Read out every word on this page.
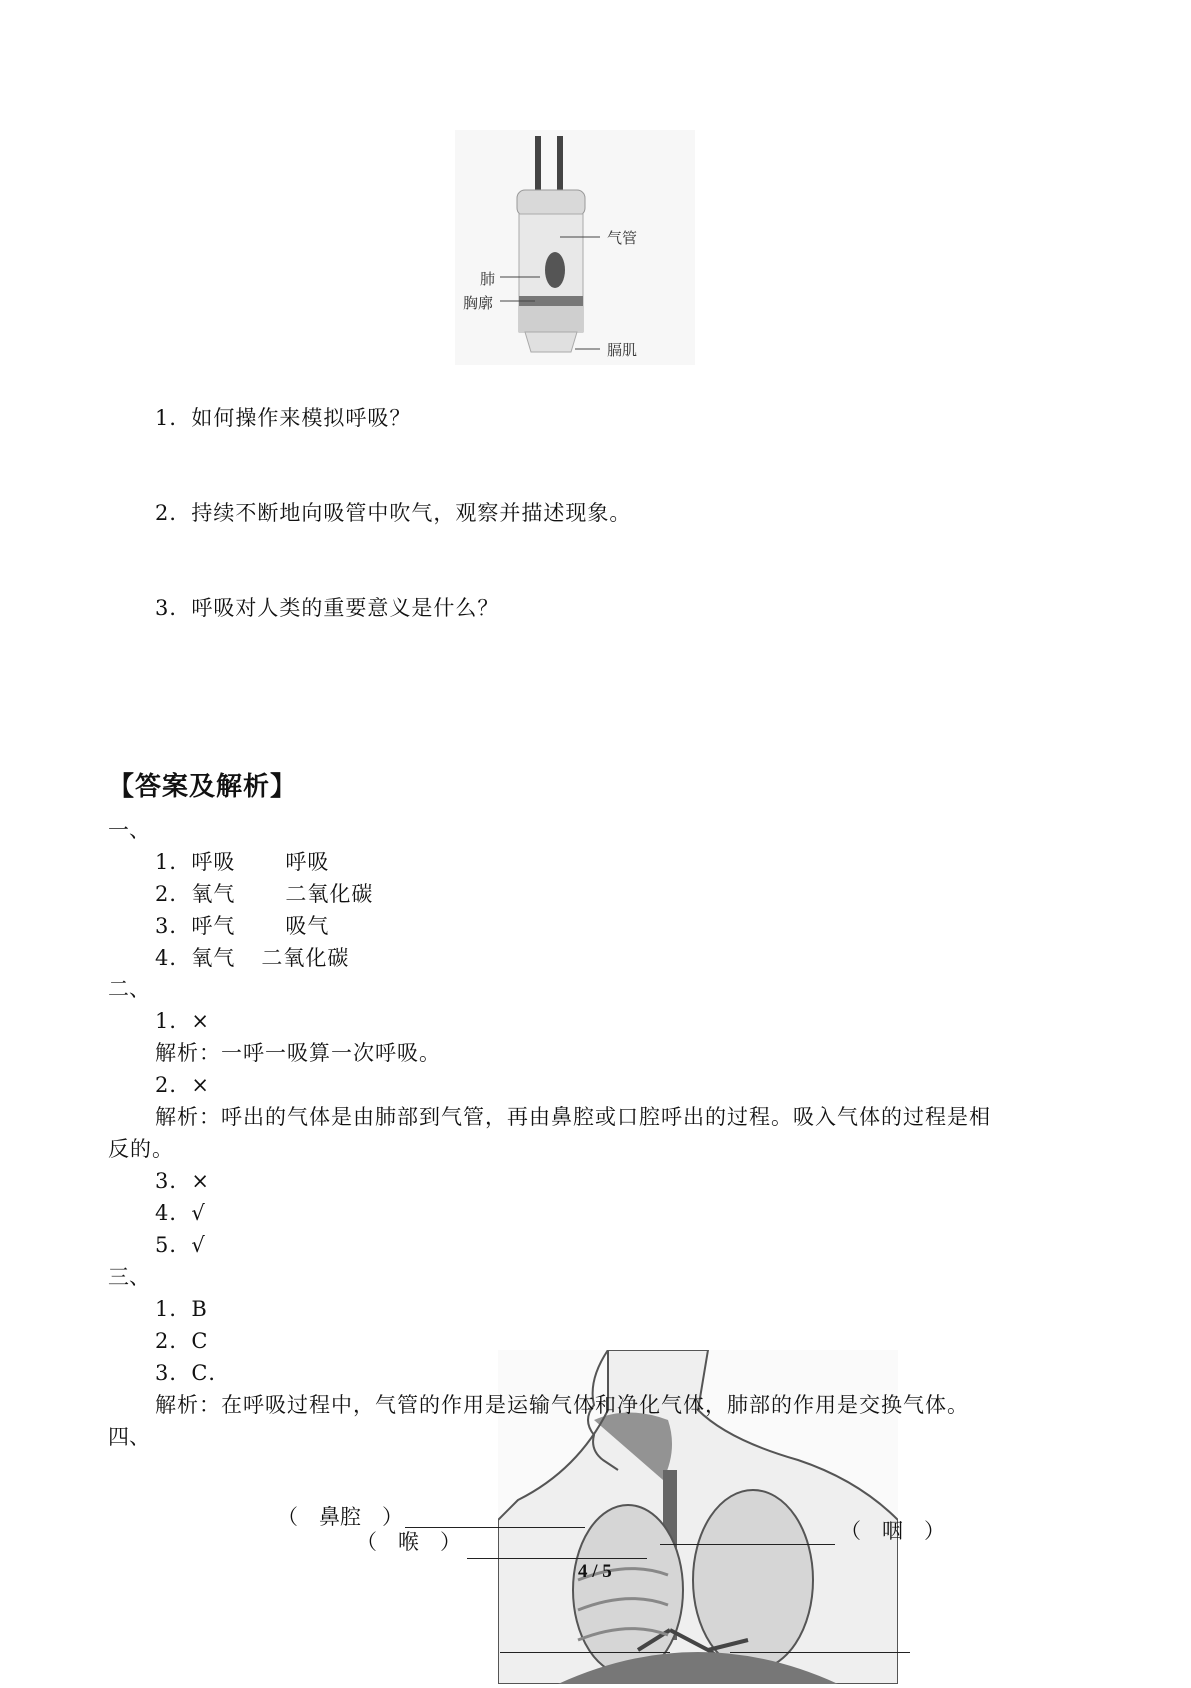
气管
肺
胸廓
膈肌
1．如何操作来模拟呼吸？
2．持续不断地向吸管中吹气，观察并描述现象。
3．呼吸对人类的重要意义是什么？
【答案及解析】
一、
1．呼吸 呼吸
2．氧气 二氧化碳
3．呼气 吸气
4．氧气 二氧化碳
二、
1．×
解析：一呼一吸算一次呼吸。
2．×
解析：呼出的气体是由肺部到气管，再由鼻腔或口腔呼出的过程。吸入气体的过程是相
反的。
3．×
4．√
5．√
三、
1．B
2．C
3．C．
解析：在呼吸过程中，气管的作用是运输气体和净化气体，肺部的作用是交换气体。
四、
（　鼻腔　）
（　喉　）	（　咽　）
4 / 5
